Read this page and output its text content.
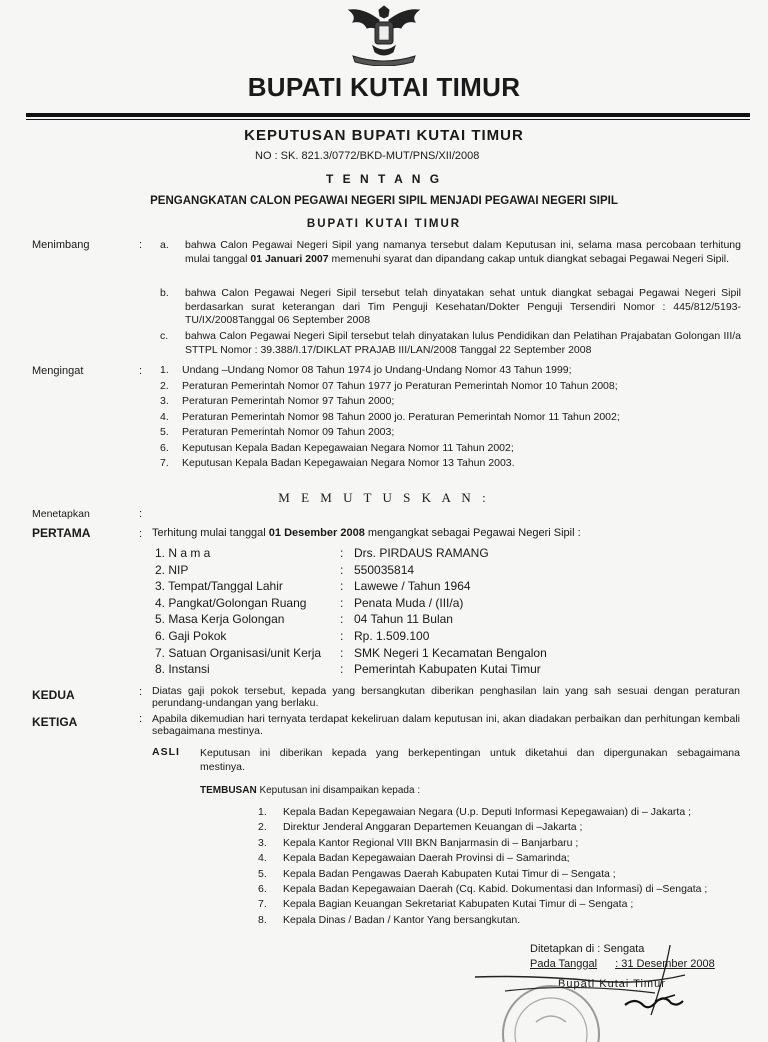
BUPATI KUTAI TIMUR
KEPUTUSAN BUPATI KUTAI TIMUR
NO : SK. 821.3/0772/BKD-MUT/PNS/XII/2008
T E N T A N G
PENGANGKATAN CALON PEGAWAI NEGERI SIPIL MENJADI PEGAWAI NEGERI SIPIL
BUPATI KUTAI TIMUR
Menimbang	: a. bahwa Calon Pegawai Negeri Sipil yang namanya tersebut dalam Keputusan ini, selama masa percobaan terhitung mulai tanggal 01 Januari 2007 memenuhi syarat dan dipandang cakap untuk diangkat sebagai Pegawai Negeri Sipil.
b. bahwa Calon Pegawai Negeri Sipil tersebut telah dinyatakan sehat untuk diangkat sebagai Pegawai Negeri Sipil berdasarkan surat keterangan dari Tim Penguji Kesehatan/Dokter Penguji Tersendiri Nomor : 445/812/5193-TU/IX/2008Tanggal 06 September 2008
c. bahwa Calon Pegawai Negeri Sipil tersebut telah dinyatakan lulus Pendidikan dan Pelatihan Prajabatan Golongan III/a STTPL Nomor : 39.388/I.17/DIKLAT PRAJAB III/LAN/2008 Tanggal 22 September 2008
Mengingat	: 1. Undang –Undang Nomor 08 Tahun 1974 jo Undang-Undang Nomor 43 Tahun 1999;
2. Peraturan Pemerintah Nomor 07 Tahun 1977 jo Peraturan Pemerintah Nomor 10 Tahun 2008;
3. Peraturan Pemerintah Nomor 97 Tahun 2000;
4. Peraturan Pemerintah Nomor 98 Tahun 2000 jo. Peraturan Pemerintah Nomor 11 Tahun 2002;
5. Peraturan Pemerintah Nomor 09 Tahun 2003;
6. Keputusan Kepala Badan Kepegawaian Negara Nomor 11 Tahun 2002;
7. Keputusan Kepala Badan Kepegawaian Negara Nomor 13 Tahun 2003.
M E M U T U S K A N :
Menetapkan	:
PERTAMA	: Terhitung mulai tanggal 01 Desember 2008 mengangkat sebagai Pegawai Negeri Sipil :
1. N a m a	: Drs. PIRDAUS RAMANG
2. NIP	: 550035814
3. Tempat/Tanggal Lahir	: Lawewe / Tahun 1964
4. Pangkat/Golongan Ruang	: Penata Muda / (III/a)
5. Masa Kerja Golongan	: 04 Tahun 11 Bulan
6. Gaji Pokok	: Rp. 1.509.100
7. Satuan Organisasi/unit Kerja	: SMK Negeri 1 Kecamatan Bengalon
8. Instansi	: Pemerintah Kabupaten Kutai Timur
KEDUA	: Diatas gaji pokok tersebut, kepada yang bersangkutan diberikan penghasilan lain yang sah sesuai dengan peraturan perundang-undangan yang berlaku.
KETIGA	: Apabila dikemudian hari ternyata terdapat kekeliruan dalam keputusan ini, akan diadakan perbaikan dan perhitungan kembali sebagaimana mestinya.
ASLI Keputusan ini diberikan kepada yang berkepentingan untuk diketahui dan dipergunakan sebagaimana mestinya.
TEMBUSAN Keputusan ini disampaikan kepada :
1. Kepala Badan Kepegawaian Negara (U.p. Deputi Informasi Kepegawaian) di – Jakarta ;
2. Direktur Jenderal Anggaran Departemen Keuangan di –Jakarta ;
3. Kepala Kantor Regional VIII BKN Banjarmasin di – Banjarbaru ;
4. Kepala Badan Kepegawaian Daerah Provinsi di – Samarinda;
5. Kepala Badan Pengawas Daerah Kabupaten Kutai Timur di – Sengata ;
6. Kepala Badan Kepegawaian Daerah (Cq. Kabid. Dokumentasi dan Informasi) di –Sengata ;
7. Kepala Bagian Keuangan Sekretariat Kabupaten Kutai Timur di – Sengata ;
8. Kepala Dinas / Badan / Kantor Yang bersangkutan.
Ditetapkan di : Sengata
Pada Tanggal : 31 Desember 2008
Bupati Kutai Timur
